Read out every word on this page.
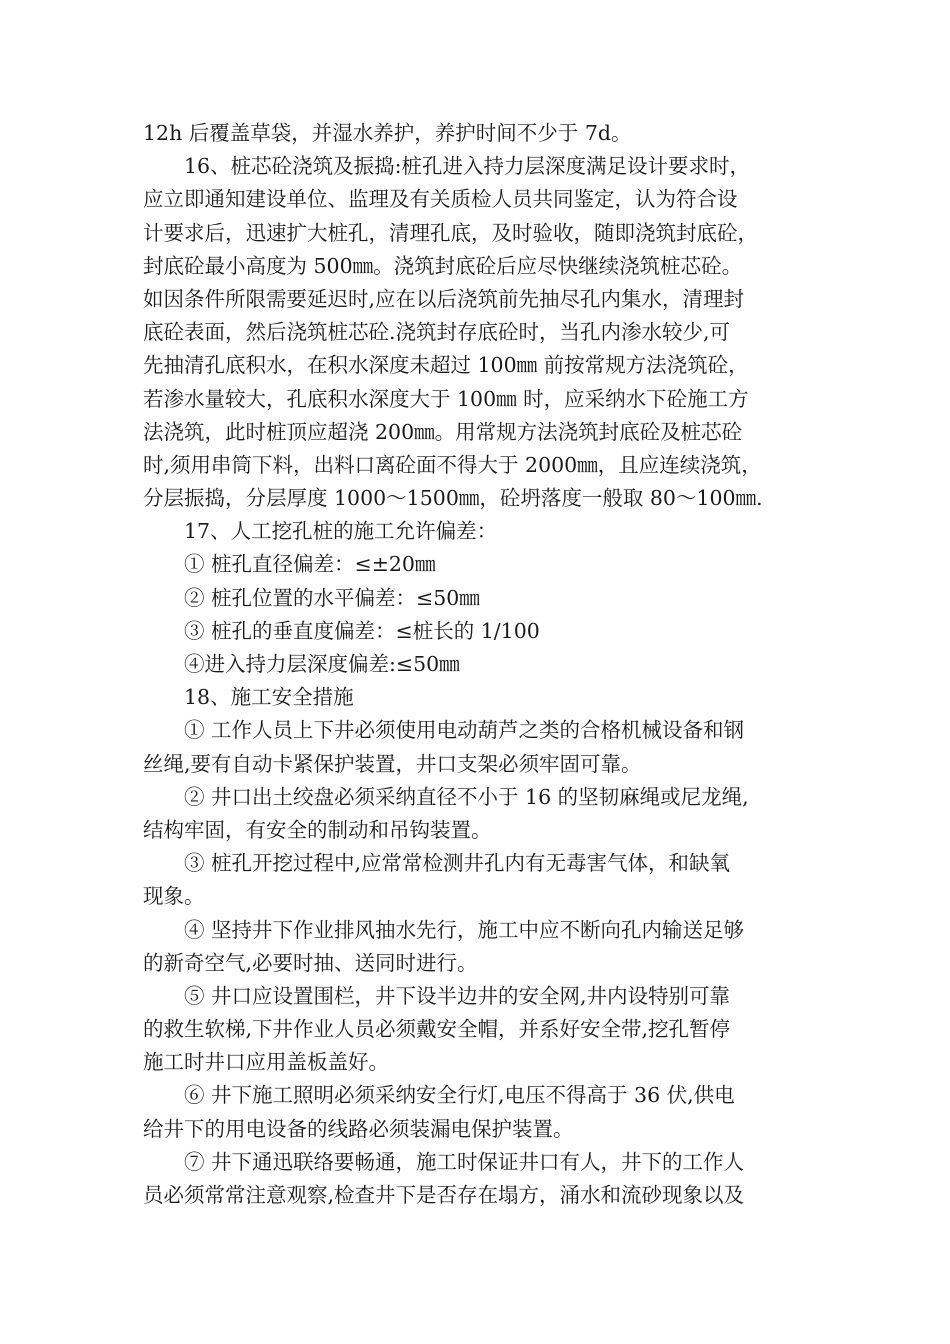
12h 后覆盖草袋，并湿水养护，养护时间不少于 7d。
16、桩芯砼浇筑及振捣:桩孔进入持力层深度满足设计要求时，
应立即通知建设单位、监理及有关质检人员共同鉴定，认为符合设
计要求后，迅速扩大桩孔，清理孔底，及时验收，随即浇筑封底砼，
封底砼最小高度为 500㎜。浇筑封底砼后应尽快继续浇筑桩芯砼。
如因条件所限需要延迟时,应在以后浇筑前先抽尽孔内集水，清理封
底砼表面，然后浇筑桩芯砼.浇筑封存底砼时，当孔内渗水较少,可
先抽清孔底积水，在积水深度未超过 100㎜ 前按常规方法浇筑砼，
若渗水量较大，孔底积水深度大于 100㎜ 时，应采纳水下砼施工方
法浇筑，此时桩顶应超浇 200㎜。用常规方法浇筑封底砼及桩芯砼
时,须用串筒下料，出料口离砼面不得大于 2000㎜，且应连续浇筑，
分层振捣，分层厚度 1000～1500㎜，砼坍落度一般取 80～100㎜.
17、人工挖孔桩的施工允许偏差：
① 桩孔直径偏差：≤±20㎜
② 桩孔位置的水平偏差：≤50㎜
③ 桩孔的垂直度偏差：≤桩长的 1/100
④进入持力层深度偏差:≤50㎜
18、施工安全措施
① 工作人员上下井必须使用电动葫芦之类的合格机械设备和钢
丝绳,要有自动卡紧保护装置，井口支架必须牢固可靠。
② 井口出土绞盘必须采纳直径不小于 16 的坚韧麻绳或尼龙绳,
结构牢固，有安全的制动和吊钩装置。
③ 桩孔开挖过程中,应常常检测井孔内有无毒害气体，和缺氧
现象。
④ 坚持井下作业排风抽水先行，施工中应不断向孔内输送足够
的新奇空气,必要时抽、送同时进行。
⑤ 井口应设置围栏，井下设半边井的安全网,井内设特别可靠
的救生软梯,下井作业人员必须戴安全帽，并系好安全带,挖孔暂停
施工时井口应用盖板盖好。
⑥ 井下施工照明必须采纳安全行灯,电压不得高于 36 伏,供电
给井下的用电设备的线路必须装漏电保护装置。
⑦ 井下通迅联络要畅通，施工时保证井口有人，井下的工作人
员必须常常注意观察,检查井下是否存在塌方，涌水和流砂现象以及
